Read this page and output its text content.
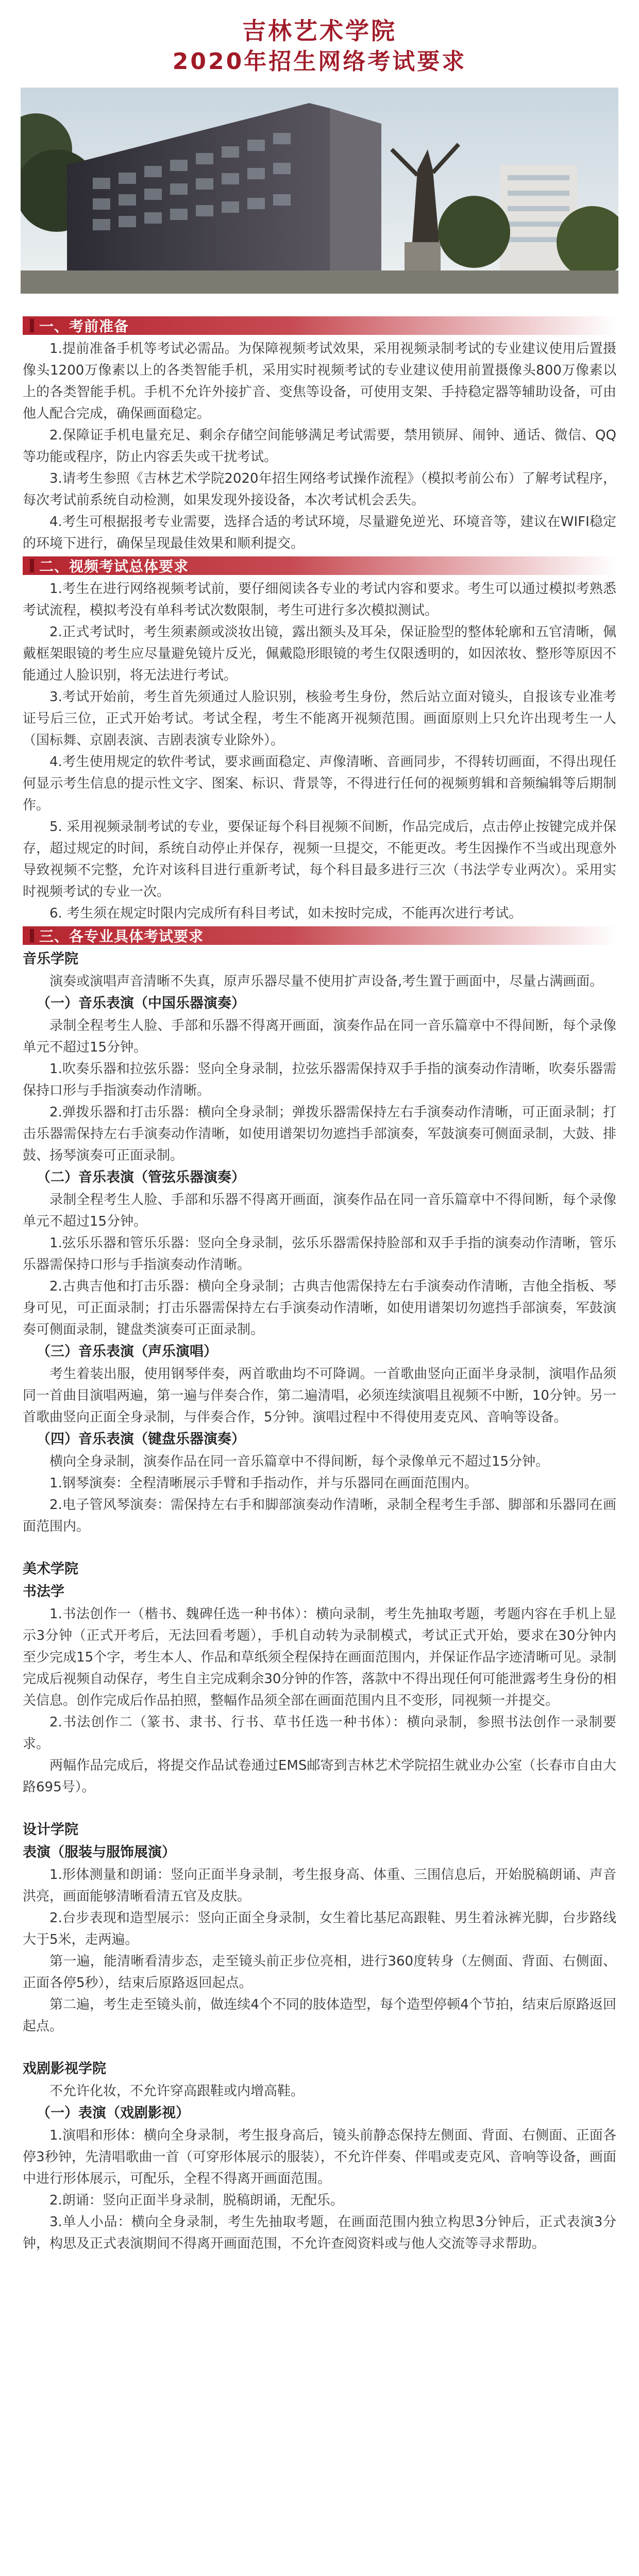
吉林艺术学院
2020年招生网络考试要求
一、考前准备

1.提前准备手机等考试必需品。为保障视频考试效果，采用视频录制考试的专业建议使用后置摄像头1200万像素以上的各类智能手机，采用实时视频考试的专业建议使用前置摄像头800万像素以上的各类智能手机。手机不允许外接扩音、变焦等设备，可使用支架、手持稳定器等辅助设备，可由他人配合完成，确保画面稳定。

2.保障证手机电量充足、剩余存储空间能够满足考试需要，禁用锁屏、闹钟、通话、微信、QQ等功能或程序，防止内容丢失或干扰考试。

3.请考生参照《吉林艺术学院2020年招生网络考试操作流程》（模拟考前公布）了解考试程序，每次考试前系统自动检测，如果发现外接设备，本次考试机会丢失。

4.考生可根据报考专业需要，选择合适的考试环境，尽量避免逆光、环境音等，建议在WIFI稳定的环境下进行，确保呈现最佳效果和顺利提交。

二、视频考试总体要求

1.考生在进行网络视频考试前，要仔细阅读各专业的考试内容和要求。考生可以通过模拟考熟悉考试流程，模拟考没有单科考试次数限制，考生可进行多次模拟测试。

2.正式考试时，考生须素颜或淡妆出镜，露出额头及耳朵，保证脸型的整体轮廓和五官清晰，佩戴框架眼镜的考生应尽量避免镜片反光，佩戴隐形眼镜的考生仅限透明的，如因浓妆、整形等原因不能通过人脸识别，将无法进行考试。

3.考试开始前，考生首先须通过人脸识别，核验考生身份，然后站立面对镜头，自报该专业准考证号后三位，正式开始考试。考试全程，考生不能离开视频范围。画面原则上只允许出现考生一人（国标舞、京剧表演、吉剧表演专业除外）。

4.考生使用规定的软件考试，要求画面稳定、声像清晰、音画同步，不得转切画面，不得出现任何显示考生信息的提示性文字、图案、标识、背景等，不得进行任何的视频剪辑和音频编辑等后期制作。

5. 采用视频录制考试的专业，要保证每个科目视频不间断，作品完成后，点击停止按键完成并保存，超过规定的时间，系统自动停止并保存，视频一旦提交，不能更改。考生因操作不当或出现意外导致视频不完整，允许对该科目进行重新考试，每个科目最多进行三次（书法学专业两次）。采用实时视频考试的专业一次。

6. 考生须在规定时限内完成所有科目考试，如未按时完成，不能再次进行考试。

三、各专业具体考试要求
音乐学院

演奏或演唱声音清晰不失真，原声乐器尽量不使用扩声设备,考生置于画面中，尽量占满画面。

（一）音乐表演（中国乐器演奏）

录制全程考生人脸、手部和乐器不得离开画面，演奏作品在同一音乐篇章中不得间断，每个录像单元不超过15分钟。

1.吹奏乐器和拉弦乐器：竖向全身录制，拉弦乐器需保持双手手指的演奏动作清晰，吹奏乐器需保持口形与手指演奏动作清晰。

2.弹拨乐器和打击乐器：横向全身录制；弹拨乐器需保持左右手演奏动作清晰，可正面录制；打击乐器需保持左右手演奏动作清晰，如使用谱架切勿遮挡手部演奏，军鼓演奏可侧面录制，大鼓、排鼓、扬琴演奏可正面录制。

（二）音乐表演（管弦乐器演奏）

录制全程考生人脸、手部和乐器不得离开画面，演奏作品在同一音乐篇章中不得间断，每个录像单元不超过15分钟。

1.弦乐乐器和管乐乐器：竖向全身录制，弦乐乐器需保持脸部和双手手指的演奏动作清晰，管乐乐器需保持口形与手指演奏动作清晰。

2.古典吉他和打击乐器：横向全身录制；古典吉他需保持左右手演奏动作清晰，吉他全指板、琴身可见，可正面录制；打击乐器需保持左右手演奏动作清晰，如使用谱架切勿遮挡手部演奏，军鼓演奏可侧面录制，键盘类演奏可正面录制。

（三）音乐表演（声乐演唱）

考生着装出服，使用钢琴伴奏，两首歌曲均不可降调。一首歌曲竖向正面半身录制，演唱作品须同一首曲目演唱两遍，第一遍与伴奏合作，第二遍清唱，必须连续演唱且视频不中断，10分钟。另一首歌曲竖向正面全身录制，与伴奏合作，5分钟。演唱过程中不得使用麦克风、音响等设备。

（四）音乐表演（键盘乐器演奏）

横向全身录制，演奏作品在同一音乐篇章中不得间断，每个录像单元不超过15分钟。

1.钢琴演奏：全程清晰展示手臂和手指动作，并与乐器同在画面范围内。

2.电子管风琴演奏：需保持左右手和脚部演奏动作清晰，录制全程考生手部、脚部和乐器同在画面范围内。

美术学院
书法学

1.书法创作一（楷书、魏碑任选一种书体）：横向录制，考生先抽取考题，考题内容在手机上显示3分钟（正式开考后，无法回看考题），手机自动转为录制模式，考试正式开始，要求在30分钟内至少完成15个字，考生本人、作品和草纸须全程保持在画面范围内，并保证作品字迹清晰可见。录制完成后视频自动保存，考生自主完成剩余30分钟的作答，落款中不得出现任何可能泄露考生身份的相关信息。创作完成后作品拍照，整幅作品须全部在画面范围内且不变形，同视频一并提交。

2.书法创作二（篆书、隶书、行书、草书任选一种书体）：横向录制，参照书法创作一录制要求。

两幅作品完成后，将提交作品试卷通过EMS邮寄到吉林艺术学院招生就业办公室（长春市自由大路695号）。

设计学院
表演（服装与服饰展演）

1.形体测量和朗诵：竖向正面半身录制，考生报身高、体重、三围信息后，开始脱稿朗诵、声音洪亮，画面能够清晰看清五官及皮肤。

2.台步表现和造型展示：竖向正面全身录制，女生着比基尼高跟鞋、男生着泳裤光脚，台步路线大于5米，走两遍。

第一遍，能清晰看清步态，走至镜头前正步位亮相，进行360度转身（左侧面、背面、右侧面、正面各停5秒），结束后原路返回起点。

第二遍，考生走至镜头前，做连续4个不同的肢体造型，每个造型停顿4个节拍，结束后原路返回起点。

戏剧影视学院

不允许化妆，不允许穿高跟鞋或内增高鞋。

（一）表演（戏剧影视）

1.演唱和形体：横向全身录制，考生报身高后，镜头前静态保持左侧面、背面、右侧面、正面各停3秒钟，先清唱歌曲一首（可穿形体展示的服装），不允许伴奏、伴唱或麦克风、音响等设备，画面中进行形体展示，可配乐，全程不得离开画面范围。

2.朗诵：竖向正面半身录制，脱稿朗诵，无配乐。

3.单人小品：横向全身录制，考生先抽取考题，在画面范围内独立构思3分钟后，正式表演3分钟，构思及正式表演期间不得离开画面范围，不允许查阅资料或与他人交流等寻求帮助。
